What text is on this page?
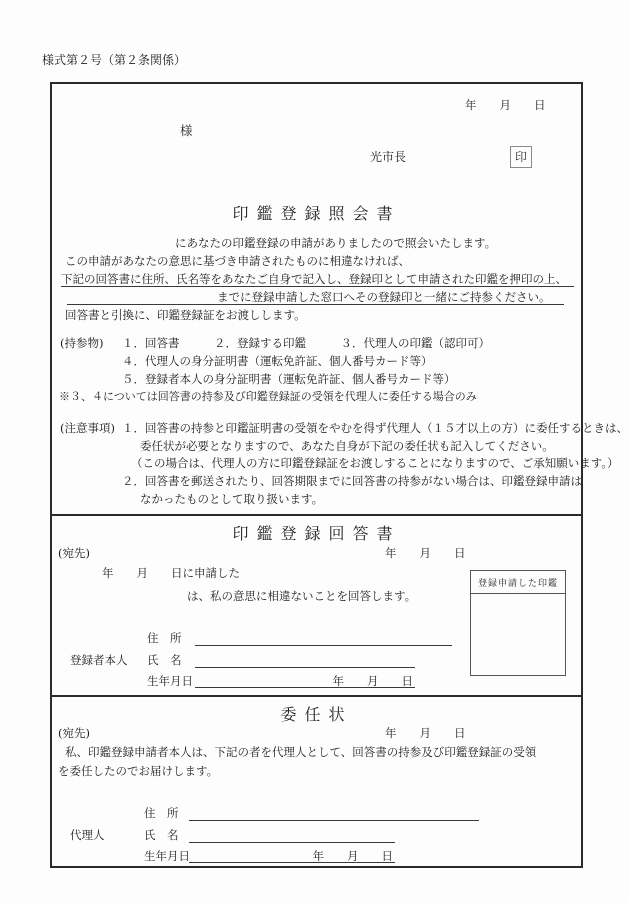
様式第２号（第２条関係）
年　　月　　日
様
光市長	印
印鑑登録照会書
にあなたの印鑑登録の申請がありましたので照会いたします。
この申請があなたの意思に基づき申請されたものに相違なければ、
下記の回答書に住所、氏名等をあなたご自身で記入し、登録印として申請された印鑑を押印の上、
までに登録申請した窓口へその登録印と一緒にご持参ください。
回答書と引換に、印鑑登録証をお渡しします。
(持参物) １．回答書　　　２．登録する印鑑　　　３．代理人の印鑑（認印可）
４．代理人の身分証明書（運転免許証、個人番号カード等）
５．登録者本人の身分証明書（運転免許証、個人番号カード等）
※３、４については回答書の持参及び印鑑登録証の受領を代理人に委任する場合のみ
(注意事項) １．回答書の持参と印鑑証明書の受領をやむを得ず代理人（１５才以上の方）に委任するときは、
委任状が必要となりますので、あなた自身が下記の委任状も記入してください。
（この場合は、代理人の方に印鑑登録証をお渡しすることになりますので、ご承知願います。）
２．回答書を郵送されたり、回答期限までに回答書の持参がない場合は、印鑑登録申請は
なかったものとして取り扱います。
印鑑登録回答書
(宛先)	年　　月　　日
年　　月　　日に申請した
は、私の意思に相違ないことを回答します。
登録申請した印鑑
住　所
登録者本人 氏　名
生年月日	年　　月　　日
委任状
(宛先)	年　　月　　日
私、印鑑登録申請者本人は、下記の者を代理人として、回答書の持参及び印鑑登録証の受領
を委任したのでお届けします。
住　所
代理人	氏　名
生年月日	年　　月　　日
